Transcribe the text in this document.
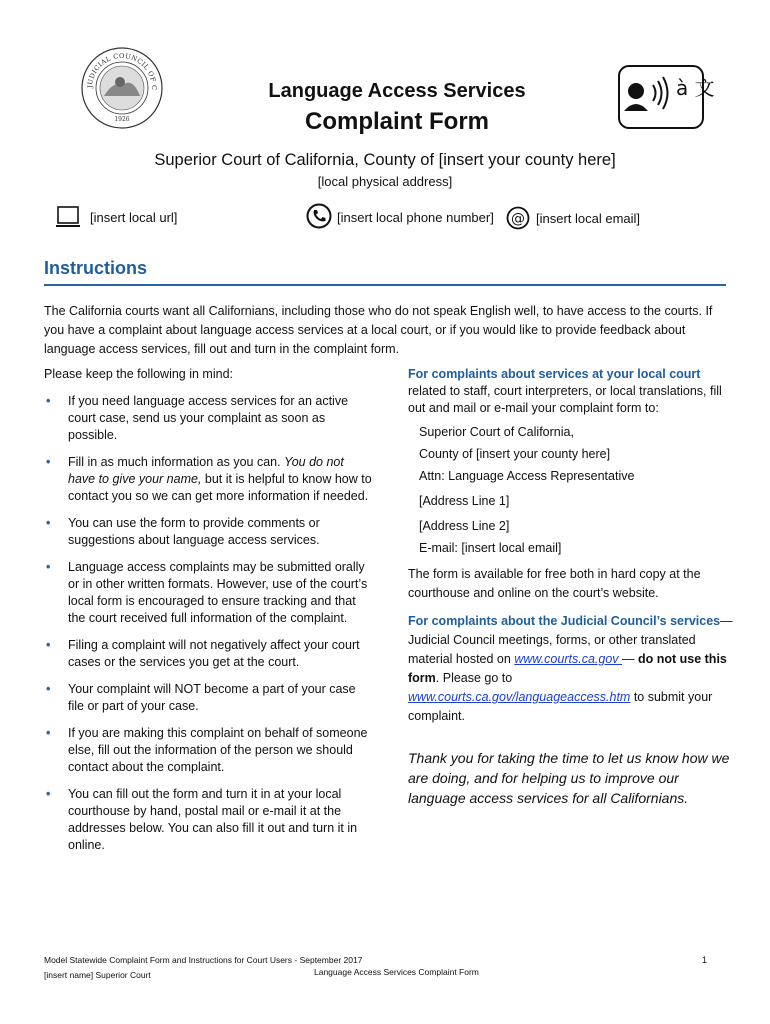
JUDICIAL COUNCIL OF C
1926
Language Access Services
Complaint Form
à 文
Superior Court of California, County of [insert your county here]
[local physical address]
[insert local url]	[insert local phone number] @ [insert local email]
Instructions
The California courts want all Californians, including those who do not speak English well, to have access to the courts. If you have a complaint about language access services at a local court, or if you would like to provide feedback about language access services, fill out and turn in the complaint form.
Please keep the following in mind:
• If you need language access services for an active court case, send us your complaint as soon as possible.
• Fill in as much information as you can. You do not have to give your name, but it is helpful to know how to contact you so we can get more information if needed.
• You can use the form to provide comments or suggestions about language access services.
• Language access complaints may be submitted orally or in other written formats. However, use of the court’s local form is encouraged to ensure tracking and that the court received full information of the complaint.
• Filing a complaint will not negatively affect your court cases or the services you get at the court.
• Your complaint will NOT become a part of your case file or part of your case.
• If you are making this complaint on behalf of someone else, fill out the information of the person we should contact about the complaint.
• You can fill out the form and turn it in at your local courthouse by hand, postal mail or e-mail it at the addresses below. You can also fill it out and turn it in online.
For complaints about services at your local court related to staff, court interpreters, or local translations, fill out and mail or e-mail your complaint form to:
Superior Court of California,
County of [insert your county here]
Attn: Language Access Representative
[Address Line 1]
[Address Line 2]
E-mail: [insert local email]
The form is available for free both in hard copy at the courthouse and online on the court’s website.
For complaints about the Judicial Council’s services—Judicial Council meetings, forms, or other translated material hosted on www.courts.ca.gov — do not use this form. Please go to www.courts.ca.gov/languageaccess.htm to submit your complaint.
Thank you for taking the time to let us know how we are doing, and for helping us to improve our language access services for all Californians.
Model Statewide Complaint Form and Instructions for Court Users - September 2017
[insert name] Superior Court	Language Access Services Complaint Form
1
